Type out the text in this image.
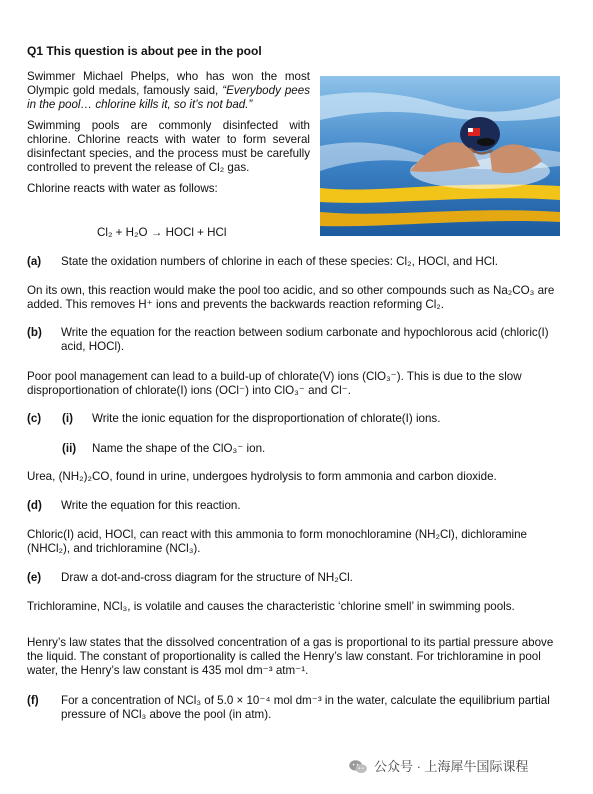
Q1 This question is about pee in the pool

Swimmer Michael Phelps, who has won the most Olympic gold medals, famously said, “Everybody pees in the pool… chlorine kills it, so it’s not bad.”

Swimming pools are commonly disinfected with chlorine. Chlorine reacts with water to form several disinfectant species, and the process must be carefully controlled to prevent the release of Cl₂ gas.

Chlorine reacts with water as follows:

Cl₂ + H₂O → HOCl + HCl
(a) State the oxidation numbers of chlorine in each of these species: Cl₂, HOCl, and HCl.
On its own, this reaction would make the pool too acidic, and so other compounds such as Na₂CO₃ are added. This removes H⁺ ions and prevents the backwards reaction reforming Cl₂.
(b) Write the equation for the reaction between sodium carbonate and hypochlorous acid (chloric(I) acid, HOCl).
Poor pool management can lead to a build-up of chlorate(V) ions (ClO₃⁻). This is due to the slow disproportionation of chlorate(I) ions (OCl⁻) into ClO₃⁻ and Cl⁻.
(c) (i) Write the ionic equation for the disproportionation of chlorate(I) ions.
(ii) Name the shape of the ClO₃⁻ ion.
Urea, (NH₂)₂CO, found in urine, undergoes hydrolysis to form ammonia and carbon dioxide.
(d) Write the equation for this reaction.
Chloric(I) acid, HOCl, can react with this ammonia to form monochloramine (NH₂Cl), dichloramine (NHCl₂), and trichloramine (NCl₃).
(e) Draw a dot-and-cross diagram for the structure of NH₂Cl.
Trichloramine, NCl₃, is volatile and causes the characteristic ‘chlorine smell’ in swimming pools.
Henry’s law states that the dissolved concentration of a gas is proportional to its partial pressure above the liquid. The constant of proportionality is called the Henry’s law constant. For trichloramine in pool water, the Henry’s law constant is 435 mol dm⁻³ atm⁻¹.
(f) For a concentration of NCl₃ of 5.0 × 10⁻⁴ mol dm⁻³ in the water, calculate the equilibrium partial pressure of NCl₃ above the pool (in atm).
公众号 · 上海犀牛国际课程
